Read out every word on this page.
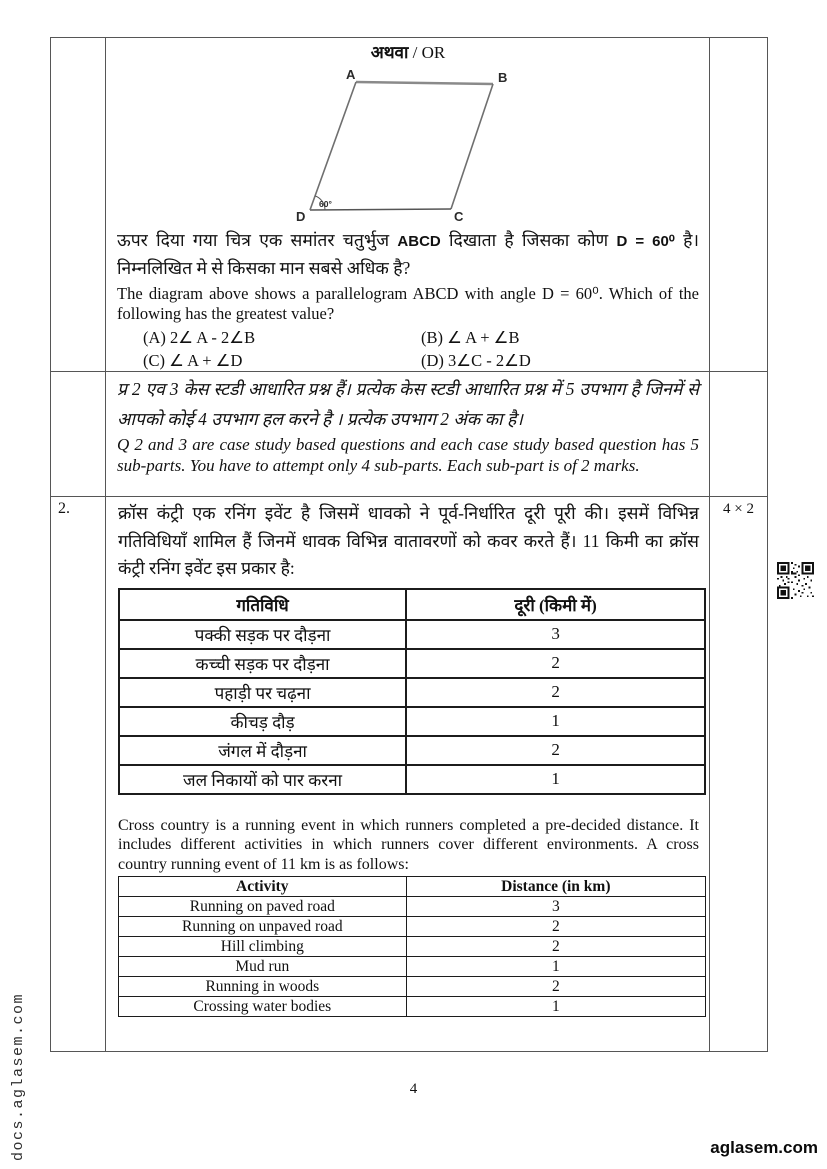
अथवा / OR
A	B
C
D
60°
ऊपर दिया गया चित्र एक समांतर चतुर्भुज ABCD दिखाता है जिसका कोण D = 60⁰ है। निम्नलिखित मे से किसका मान सबसे अधिक है?
The diagram above shows a parallelogram ABCD with angle D = 60⁰. Which of the following has the greatest value?
(A) 2∠ A - 2∠B	(B) ∠ A + ∠B
(C) ∠ A + ∠D	(D) 3∠C - 2∠D
प्र 2 एव 3 केस स्टडी आधारित प्रश्न हैं। प्रत्येक केस स्टडी आधारित प्रश्न में 5 उपभाग है जिनमें से आपको कोई 4 उपभाग हल करने है । प्रत्येक उपभाग 2 अंक का है।
Q 2 and 3 are case study based questions and each case study based question has 5 sub-parts. You have to attempt only 4 sub-parts. Each sub-part is of 2 marks.
2.	क्रॉस कंट्री एक रनिंग इवेंट है जिसमें धावको ने पूर्व-निर्धारित दूरी पूरी की। इसमें विभिन्न गतिविधियाँ शामिल हैं जिनमें धावक विभिन्न वातावरणों को कवर करते हैं। 11 किमी का क्रॉस कंट्री रनिंग इवेंट इस प्रकार है:
गतिविधि	दूरी (किमी में)
पक्की सड़क पर दौड़ना	3
कच्ची सड़क पर दौड़ना	2
पहाड़ी पर चढ़ना	2
कीचड़ दौड़	1
जंगल में दौड़ना	2
जल निकायों को पार करना	1
Cross country is a running event in which runners completed a pre-decided distance. It includes different activities in which runners cover different environments. A cross country running event of 11 km is as follows:
Activity	Distance (in km)
Running on paved road	3
Running on unpaved road	2
Hill climbing	2
Mud run	1
Running in woods	2
Crossing water bodies	1
4 × 2
4
aglasem.com
docs.aglasem.com
